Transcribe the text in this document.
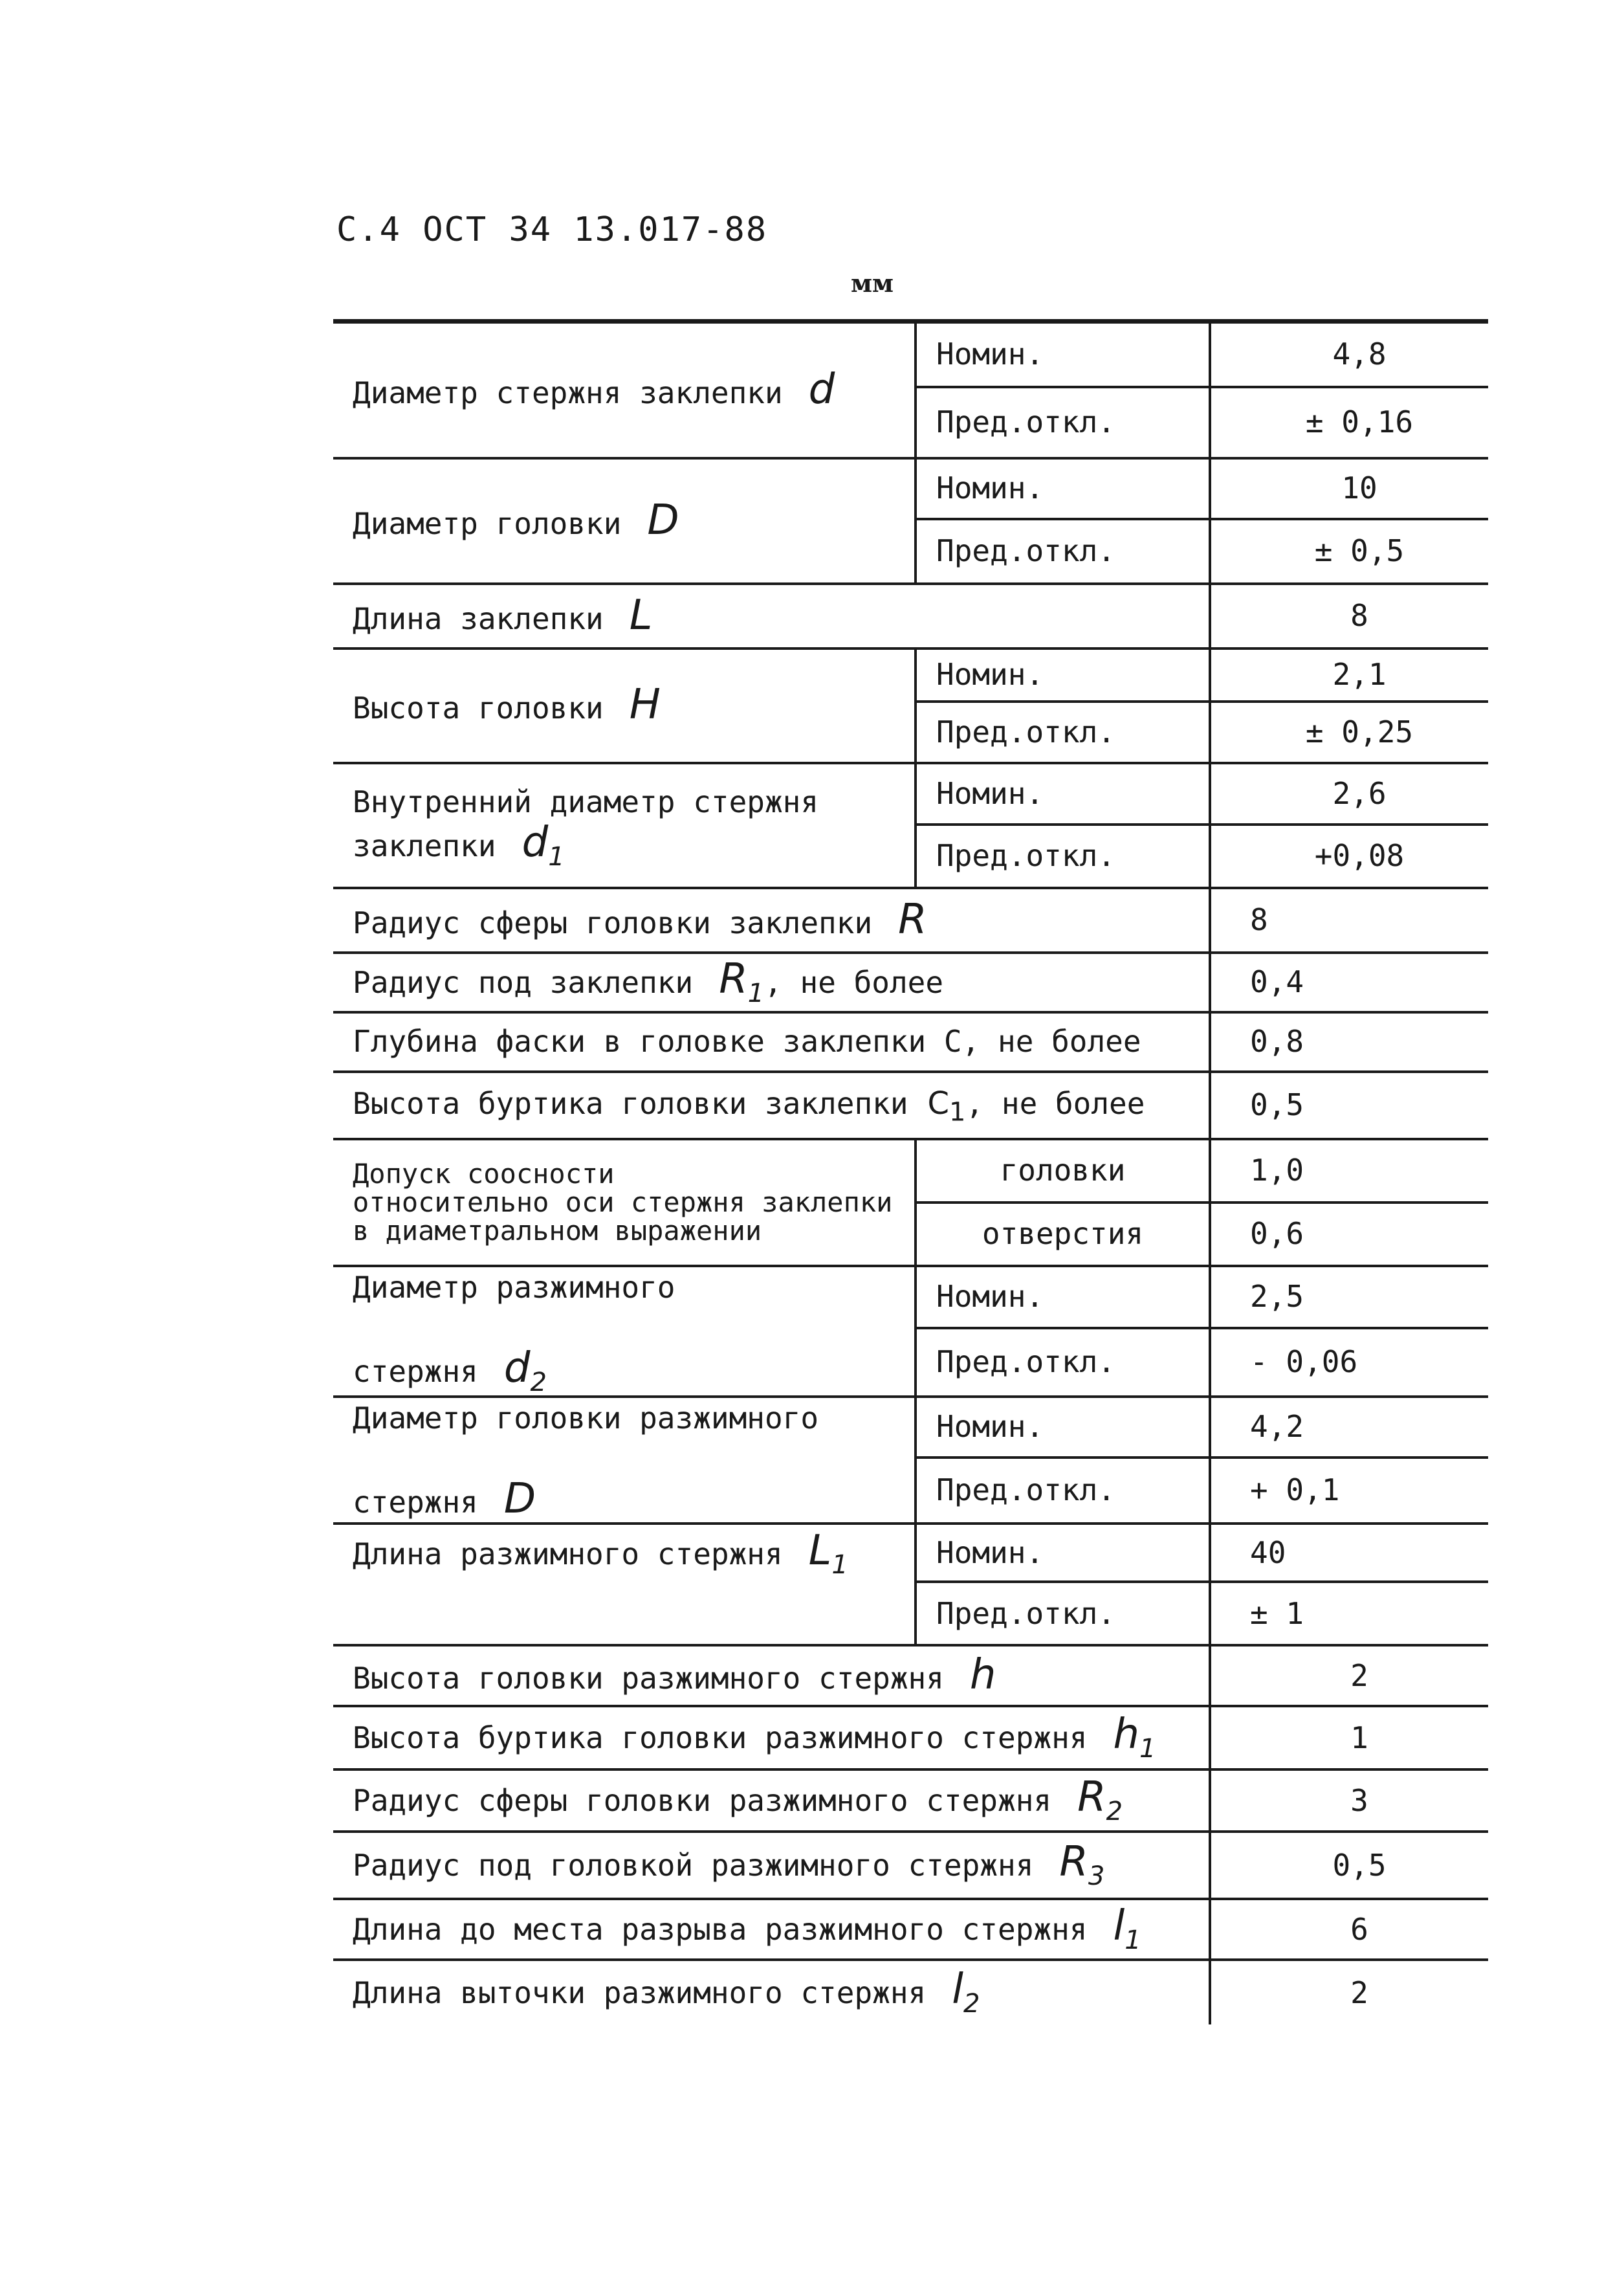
С.4 ОСТ 34 13.017-88
мм
Диаметр стержня заклепки d	Номин.	4,8
	Пред.откл.	± 0,16
Диаметр головки D	Номин.	10
	Пред.откл.	± 0,5
Длина заклепки L		8
Высота головки H	Номин.	2,1
	Пред.откл.	± 0,25
Внутренний диаметр стержня
заклепки $d_1$	Номин.	2,6
	Пред.откл.	+0,08
Радиус сферы головки заклепки R		8
Радиус под заклепки $R_1$, не более		0,4
Глубина фаски в головке заклепки С, не более		0,8
Высота буртика головки заклепки $C_1$, не более		0,5
Допуск соосности
относительно оси стержня заклепки
в диаметральном выражении	головки	1,0
	отверстия	0,6
Диаметр разжимного

стержня $d_2$	Номин.	2,5
	Пред.откл.	- 0,06
Диаметр головки разжимного

стержня D	Номин.	4,2
	Пред.откл.	+ 0,1
Длина разжимного стержня $L_1$	Номин.	40
	Пред.откл.	± 1
Высота головки разжимного стержня h		2
Высота буртика головки разжимного стержня $h_1$		1
Радиус сферы головки разжимного стержня $R_2$		3
Радиус под головкой разжимного стержня $R_3$		0,5
Длина до места разрыва разжимного стержня $l_1$		6
Длина выточки разжимного стержня $l_2$		2
